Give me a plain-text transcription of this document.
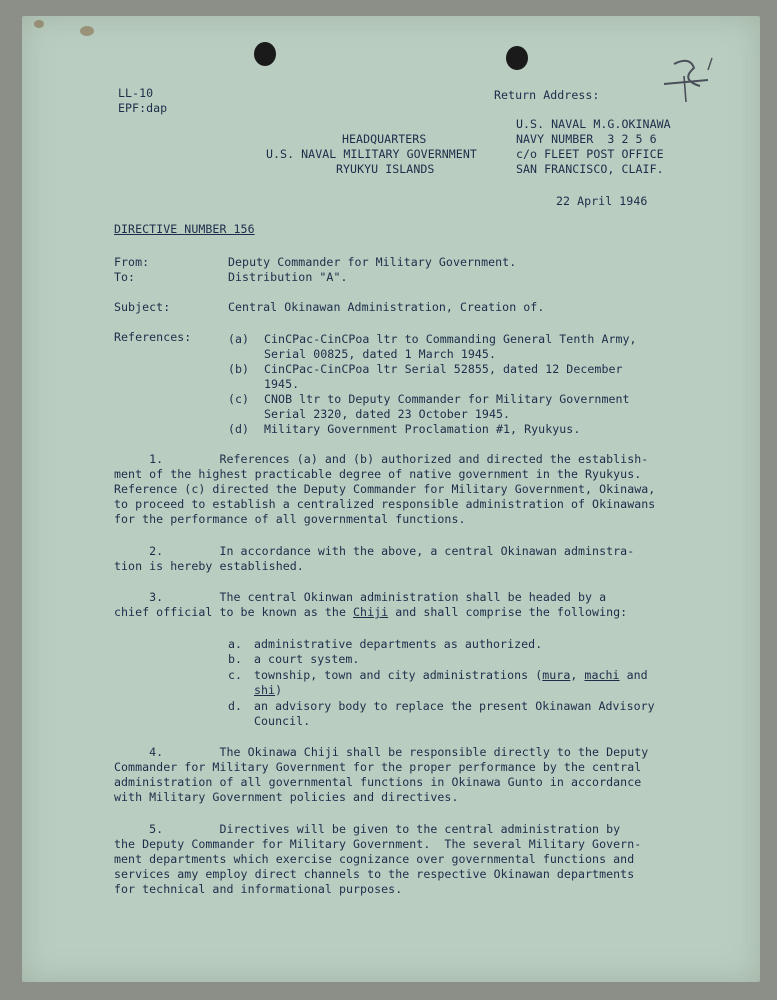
LL-10
EPF:dap
Return Address:
U.S. NAVAL M.G.OKINAWA
NAVY NUMBER  3 2 5 6
c/o FLEET POST OFFICE
SAN FRANCISCO, CLAIF.
HEADQUARTERS
U.S. NAVAL MILITARY GOVERNMENT
RYUKYU ISLANDS
22 April 1946
DIRECTIVE NUMBER 156
From:	Deputy Commander for Military Government.
To:	Distribution "A".
Subject:	Central Okinawan Administration, Creation of.
References:	(a) CinCPac-CinCPoa ltr to Commanding General Tenth Army,
Serial 00825, dated 1 March 1945.
(b) CinCPac-CinCPoa ltr Serial 52855, dated 12 December
1945.
(c) CNOB ltr to Deputy Commander for Military Government
Serial 2320, dated 23 October 1945.
(d) Military Government Proclamation #1, Ryukyus.
1.        References (a) and (b) authorized and directed the establish-
ment of the highest practicable degree of native government in the Ryukyus.
Reference (c) directed the Deputy Commander for Military Government, Okinawa,
to proceed to establish a centralized responsible administration of Okinawans
for the performance of all governmental functions.
2.        In accordance with the above, a central Okinawan adminstra-
tion is hereby established.
3.        The central Okinwan administration shall be headed by a
chief official to be known as the Chiji and shall comprise the following:
a. administrative departments as authorized.
b. a court system.
c. township, town and city administrations (mura, machi and
shi)
d. an advisory body to replace the present Okinawan Advisory
Council.
4.        The Okinawa Chiji shall be responsible directly to the Deputy
Commander for Military Government for the proper performance by the central
administration of all governmental functions in Okinawa Gunto in accordance
with Military Government policies and directives.
5.        Directives will be given to the central administration by
the Deputy Commander for Military Government.  The several Military Govern-
ment departments which exercise cognizance over governmental functions and
services amy employ direct channels to the respective Okinawan departments
for technical and informational purposes.
